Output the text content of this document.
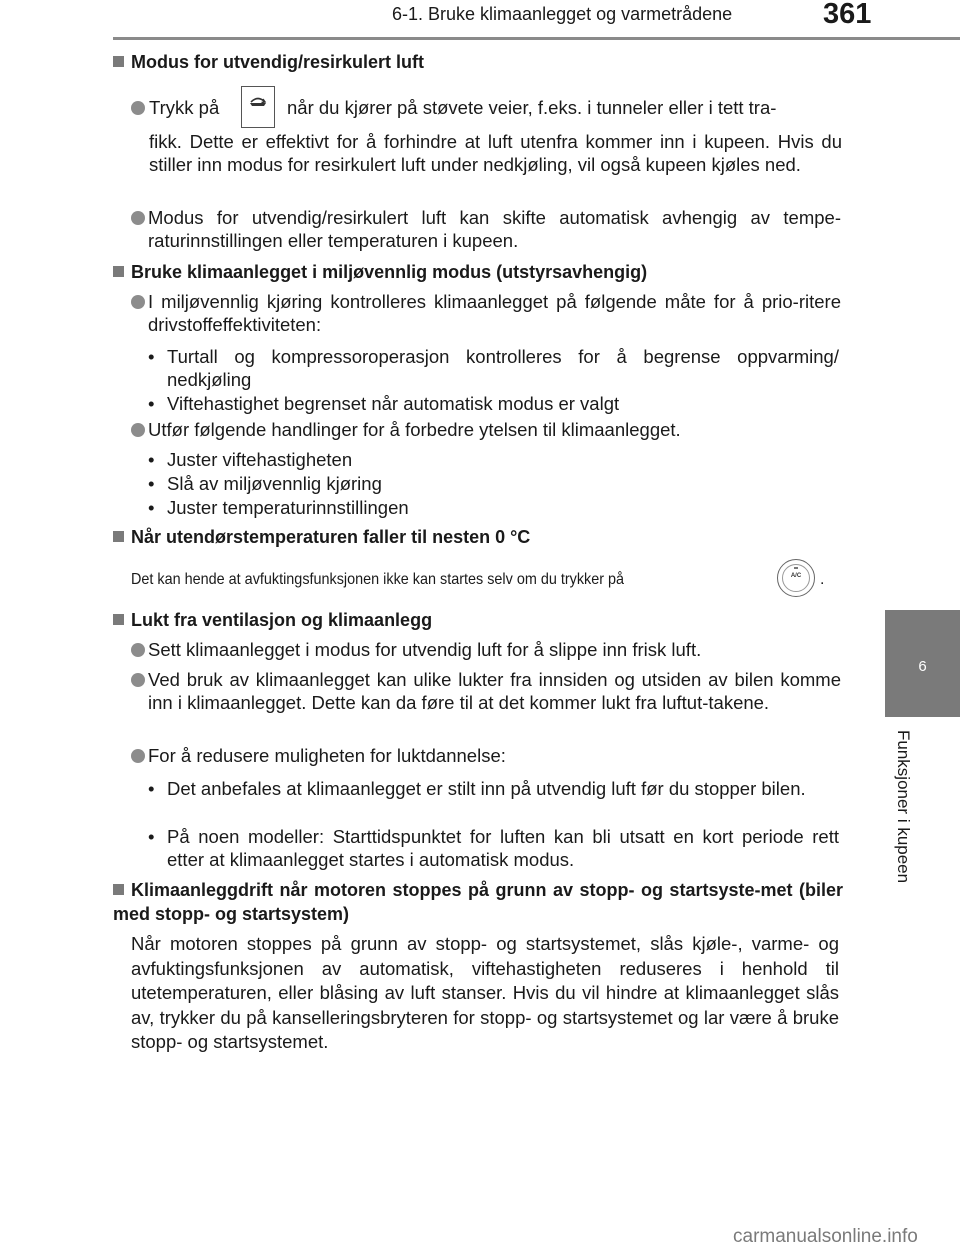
6-1. Bruke klimaanlegget og varmetrådene	361
6
Funksjoner i kupeen
Modus for utvendig/resirkulert luft
Trykk på	når du kjører på støvete veier, f.eks. i tunneler eller i tett tra-
fikk. Dette er effektivt for å forhindre at luft utenfra kommer inn i kupeen. Hvis du stiller inn modus for resirkulert luft under nedkjøling, vil også kupeen kjøles ned.
Modus for utvendig/resirkulert luft kan skifte automatisk avhengig av tempe-raturinnstillingen eller temperaturen i kupeen.
Bruke klimaanlegget i miljøvennlig modus (utstyrsavhengig)
I miljøvennlig kjøring kontrolleres klimaanlegget på følgende måte for å prio-ritere drivstoffeffektiviteten:
• Turtall og kompressoroperasjon kontrolleres for å begrense oppvarming/ nedkjøling
• Viftehastighet begrenset når automatisk modus er valgt
Utfør følgende handlinger for å forbedre ytelsen til klimaanlegget.
• Juster viftehastigheten
• Slå av miljøvennlig kjøring
• Juster temperaturinnstillingen
Når utendørstemperaturen faller til nesten 0 °C
Det kan hende at avfuktingsfunksjonen ikke kan startes selv om du trykker på	A/C	.
Lukt fra ventilasjon og klimaanlegg
Sett klimaanlegget i modus for utvendig luft for å slippe inn frisk luft.
Ved bruk av klimaanlegget kan ulike lukter fra innsiden og utsiden av bilen komme inn i klimaanlegget. Dette kan da føre til at det kommer lukt fra luftut-takene.
For å redusere muligheten for luktdannelse:
• Det anbefales at klimaanlegget er stilt inn på utvendig luft før du stopper bilen.
• På noen modeller: Starttidspunktet for luften kan bli utsatt en kort periode rett etter at klimaanlegget startes i automatisk modus.
Klimaanleggdrift når motoren stoppes på grunn av stopp- og startsyste-met (biler med stopp- og startsystem)
Når motoren stoppes på grunn av stopp- og startsystemet, slås kjøle-, varme- og avfuktingsfunksjonen av automatisk, viftehastigheten reduseres i henhold til utetemperaturen, eller blåsing av luft stanser. Hvis du vil hindre at klimaanlegget slås av, trykker du på kanselleringsbryteren for stopp- og startsystemet og lar være å bruke stopp- og startsystemet.
carmanualsonline.info
